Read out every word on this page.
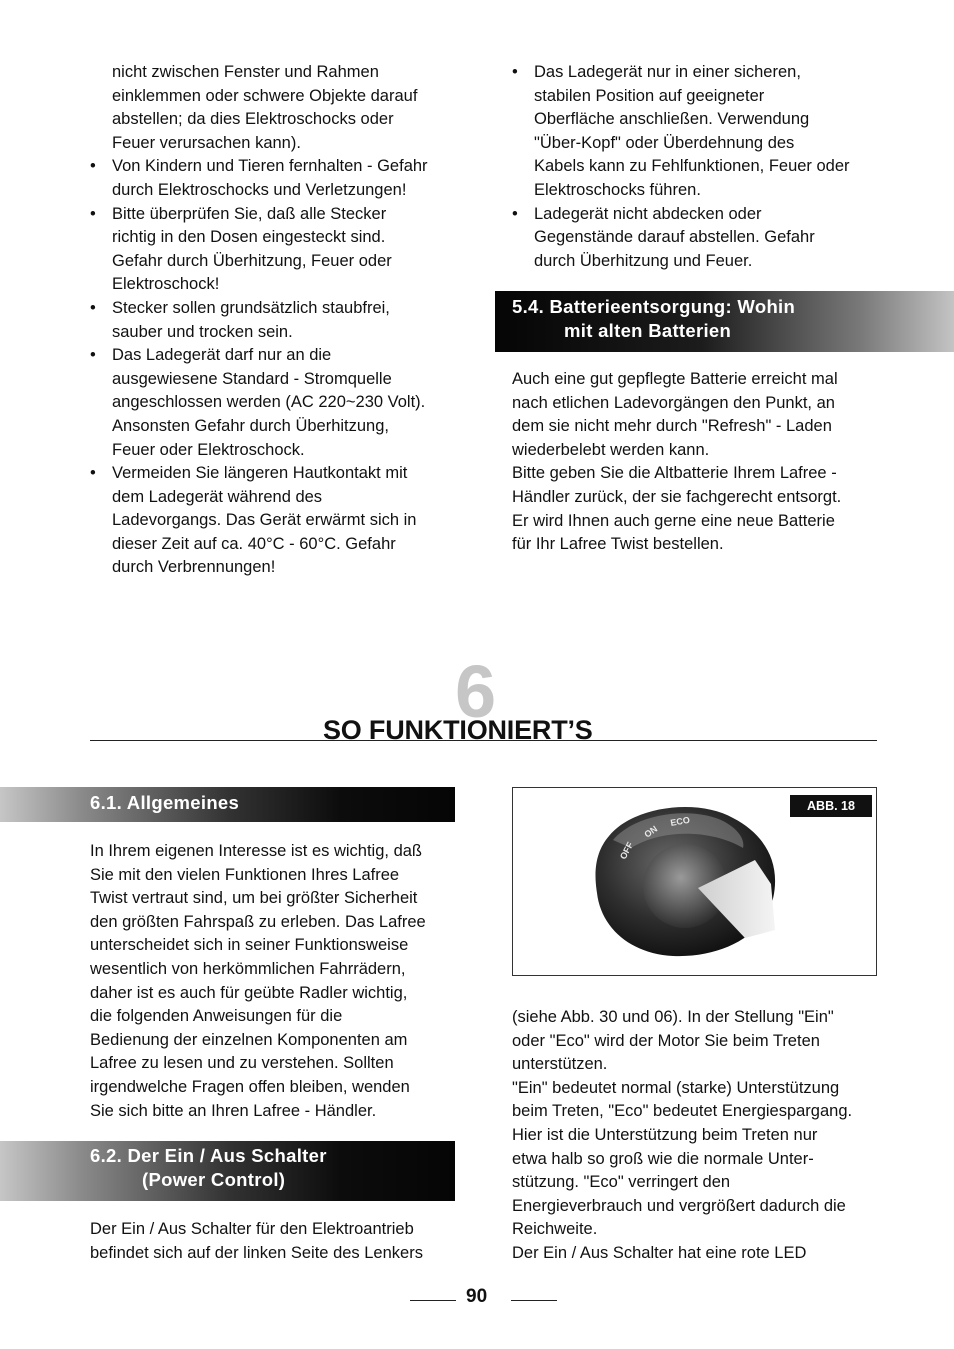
nicht zwischen Fenster und Rahmen
einklemmen oder schwere Objekte darauf
abstellen; da dies Elektroschocks oder
Feuer verursachen kann).
• Von Kindern und Tieren fernhalten - Gefahr
durch Elektroschocks und Verletzungen!
• Bitte überprüfen Sie, daß alle Stecker
richtig in den Dosen eingesteckt sind.
Gefahr durch Überhitzung, Feuer oder
Elektroschock!
• Stecker sollen grundsätzlich staubfrei,
sauber und trocken sein.
• Das Ladegerät darf nur an die
ausgewiesene Standard - Stromquelle
angeschlossen werden (AC 220~230 Volt).
Ansonsten Gefahr durch Überhitzung,
Feuer oder Elektroschock.
• Vermeiden Sie längeren Hautkontakt mit
dem Ladegerät während des
Ladevorgangs. Das Gerät erwärmt sich in
dieser Zeit auf ca. 40°C - 60°C. Gefahr
durch Verbrennungen!
• Das Ladegerät nur in einer sicheren,
stabilen Position auf geeigneter
Oberfläche anschließen. Verwendung
"Über-Kopf" oder Überdehnung des
Kabels kann zu Fehlfunktionen, Feuer oder
Elektroschocks führen.
• Ladegerät nicht abdecken oder
Gegenstände darauf abstellen. Gefahr
durch Überhitzung und Feuer.
5.4. Batterieentsorgung: Wohin
mit alten Batterien
Auch eine gut gepflegte Batterie erreicht mal
nach etlichen Ladevorgängen den Punkt, an
dem sie nicht mehr durch "Refresh" - Laden
wiederbelebt werden kann.
Bitte geben Sie die Altbatterie Ihrem Lafree -
Händler zurück, der sie fachgerecht entsorgt.
Er wird Ihnen auch gerne eine neue Batterie
für Ihr Lafree Twist bestellen.
6
SO FUNKTIONIERT’S
6.1. Allgemeines
In Ihrem eigenen Interesse ist es wichtig, daß
Sie mit den vielen Funktionen Ihres Lafree
Twist vertraut sind, um bei größter Sicherheit
den größten Fahrspaß zu erleben. Das Lafree
unterscheidet sich in seiner Funktionsweise
wesentlich von herkömmlichen Fahrrädern,
daher ist es auch für geübte Radler wichtig,
die folgenden Anweisungen für die
Bedienung der einzelnen Komponenten am
Lafree zu lesen und zu verstehen. Sollten
irgendwelche Fragen offen bleiben, wenden
Sie sich bitte an Ihren Lafree - Händler.
6.2. Der Ein / Aus Schalter
(Power Control)
Der Ein / Aus Schalter für den Elektroantrieb
befindet sich auf der linken Seite des Lenkers
ABB. 18
OFF
ON
ECO
(siehe Abb. 30 und 06). In der Stellung "Ein"
oder "Eco" wird der Motor Sie beim Treten
unterstützen.
"Ein" bedeutet normal (starke) Unterstützung
beim Treten, "Eco" bedeutet Energiespargang.
Hier ist die Unterstützung beim Treten nur
etwa halb so groß wie die normale Unter-
stützung. "Eco" verringert den
Energieverbrauch und vergrößert dadurch die
Reichweite.
Der Ein / Aus Schalter hat eine rote LED
90
